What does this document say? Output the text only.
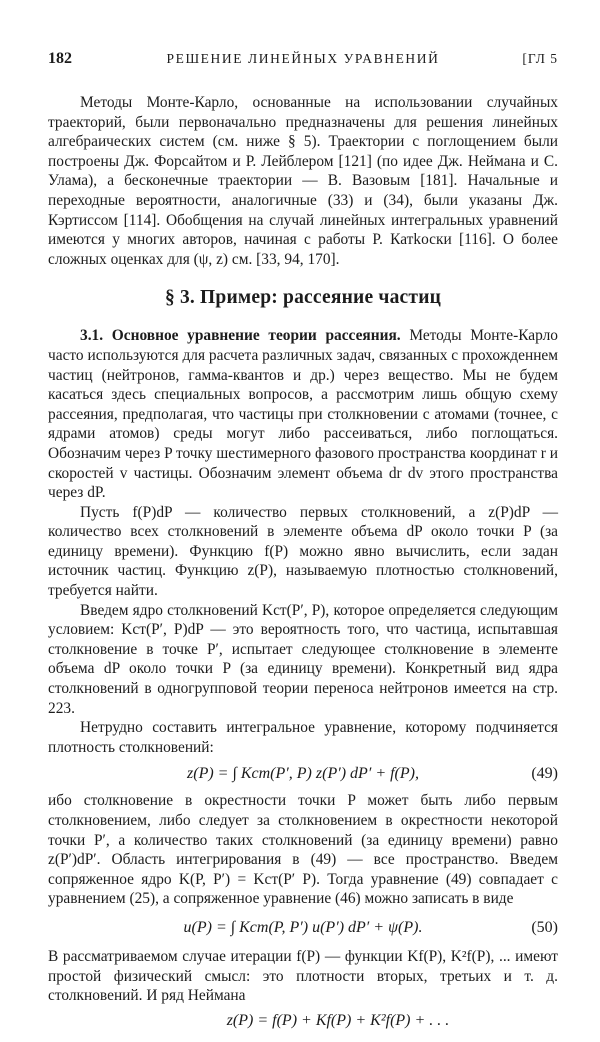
182	РЕШЕНИЕ ЛИНЕЙНЫХ УРАВНЕНИЙ	[ГЛ 5

Методы Монте-Карло, основанные на использовании случайных траекторий, были первоначально предназначены для решения линейных алгебраических систем (см. ниже § 5). Траектории с поглощением были построены Дж. Форсайтом и Р. Лейблером [121] (по идее Дж. Неймана и С. Улама), а бесконечные траектории — В. Вазовым [181]. Начальные и переходные вероятности, аналогичные (33) и (34), были указаны Дж. Кэртиссом [114]. Обобщения на случай линейных интегральных уравнений имеются у многих авторов, начиная с работы Р. Катkоски [116]. О более сложных оценках для (ψ, z) см. [33, 94, 170].

§ 3. Пример: рассеяние частиц

3.1. Основное уравнение теории рассеяния. Методы Монте-Карло часто используются для расчета различных задач, связанных с прохожденнем частиц (нейтронов, гамма-квантов и др.) через вещество. Мы не будем касаться здесь специальных вопросов, а рассмотрим лишь общую схему рассеяния, предполагая, что частицы при столкновении с атомами (точнее, с ядрами атомов) среды могут либо рассеиваться, либо поглощаться. Обозначим через P точку шестимерного фазового пространства координат r и скоростей v частицы. Обозначим элемент объема dr dv этого пространства через dP.

Пусть f(P)dP — количество первых столкновений, а z(P)dP — количество всех столкновений в элементе объема dP около точки P (за единицу времени). Функцию f(P) можно явно вычислить, если задан источник частиц. Функцию z(P), называемую плотностью столкновений, требуется найти.

Введем ядро столкновений Kст(P′, P), которое определяется следующим условием: Kст(P′, P)dP — это вероятность того, что частица, испытавшая столкновение в точке P′, испытает следующее столкновение в элементе объема dP около точки P (за единицу времени). Конкретный вид ядра столкновений в одногрупповой теории переноса нейтронов имеется на стр. 223.

Нетрудно составить интегральное уравнение, которому подчиняется плотность столкновений:

z(P) = ∫ Kст(P′, P) z(P′) dP′ + f(P),	(49)

ибо столкновение в окрестности точки P может быть либо первым столкновением, либо следует за столкновением в окрестности некоторой точки P′, а количество таких столкновений (за единицу времени) равно z(P′)dP′. Область интегрирования в (49) — все пространство. Введем сопряженное ядро K(P, P′) = Kст(P′ P). Тогда уравнение (49) совпадает с уравнением (25), а сопряженное уравнение (46) можно записать в виде

u(P) = ∫ Kст(P, P′) u(P′) dP′ + ψ(P).	(50)

В рассматриваемом случае итерации f(P) — функции Kf(P), K²f(P), ... имеют простой физический смысл: это плотности вторых, третьих и т. д. столкновений. И ряд Неймана

z(P) = f(P) + Kf(P) + K²f(P) + . . .
